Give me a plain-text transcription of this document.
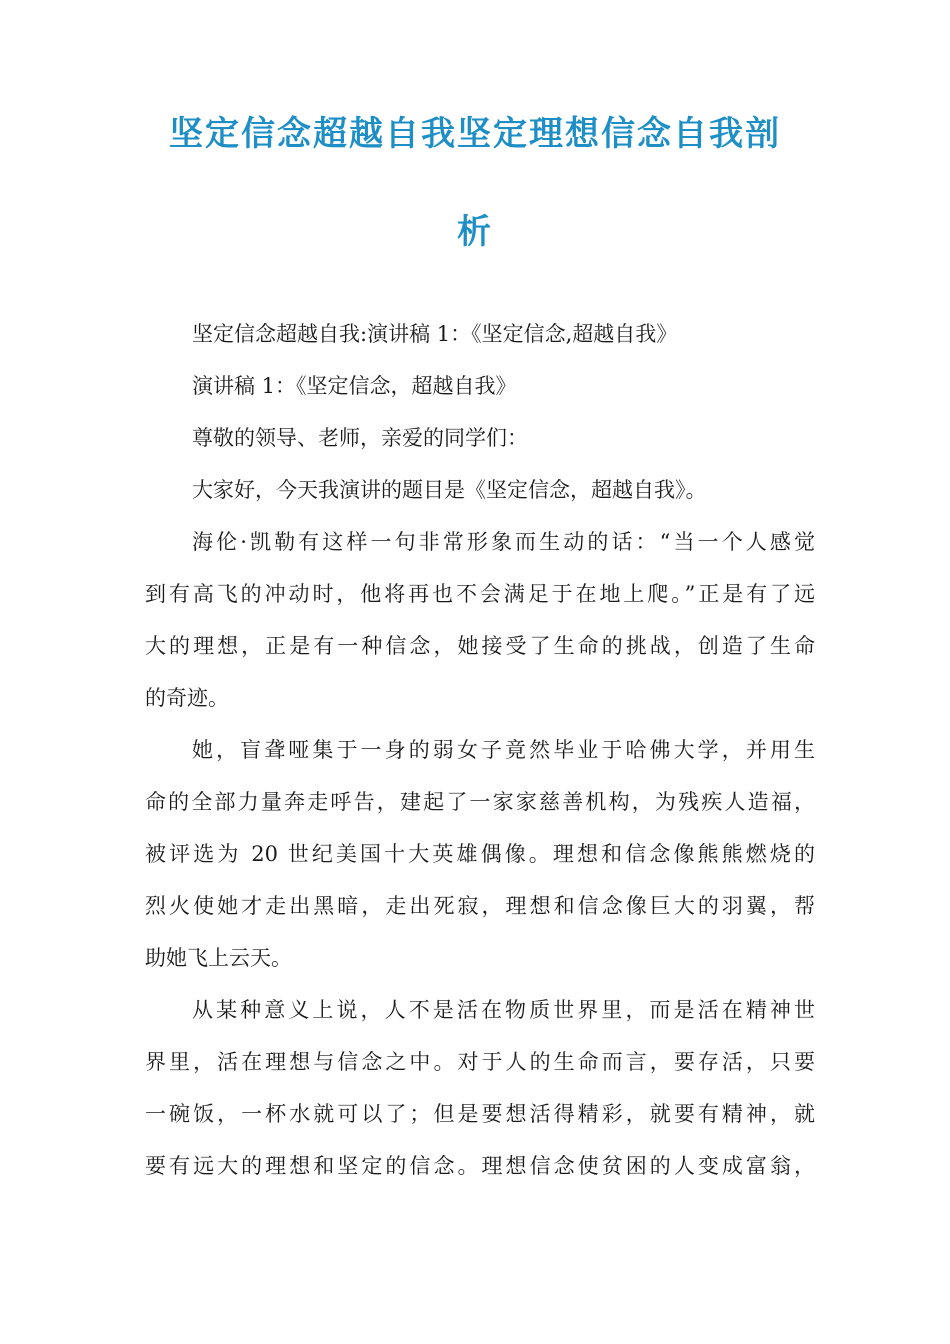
坚定信念超越自我坚定理想信念自我剖
析
坚定信念超越自我:演讲稿 1：《坚定信念,超越自我》
演讲稿 1：《坚定信念，超越自我》
尊敬的领导、老师，亲爱的同学们：
大家好，今天我演讲的题目是《坚定信念，超越自我》。
海伦·凯勒有这样一句非常形象而生动的话：“当一个人感觉
到有高飞的冲动时，他将再也不会满足于在地上爬。”正是有了远
大的理想，正是有一种信念，她接受了生命的挑战，创造了生命
的奇迹。
她，盲聋哑集于一身的弱女子竟然毕业于哈佛大学，并用生
命的全部力量奔走呼告，建起了一家家慈善机构，为残疾人造福，
被评选为 20 世纪美国十大英雄偶像。理想和信念像熊熊燃烧的
烈火使她才走出黑暗，走出死寂，理想和信念像巨大的羽翼，帮
助她飞上云天。
从某种意义上说，人不是活在物质世界里，而是活在精神世
界里，活在理想与信念之中。对于人的生命而言，要存活，只要
一碗饭，一杯水就可以了；但是要想活得精彩，就要有精神，就
要有远大的理想和坚定的信念。理想信念使贫困的人变成富翁，
